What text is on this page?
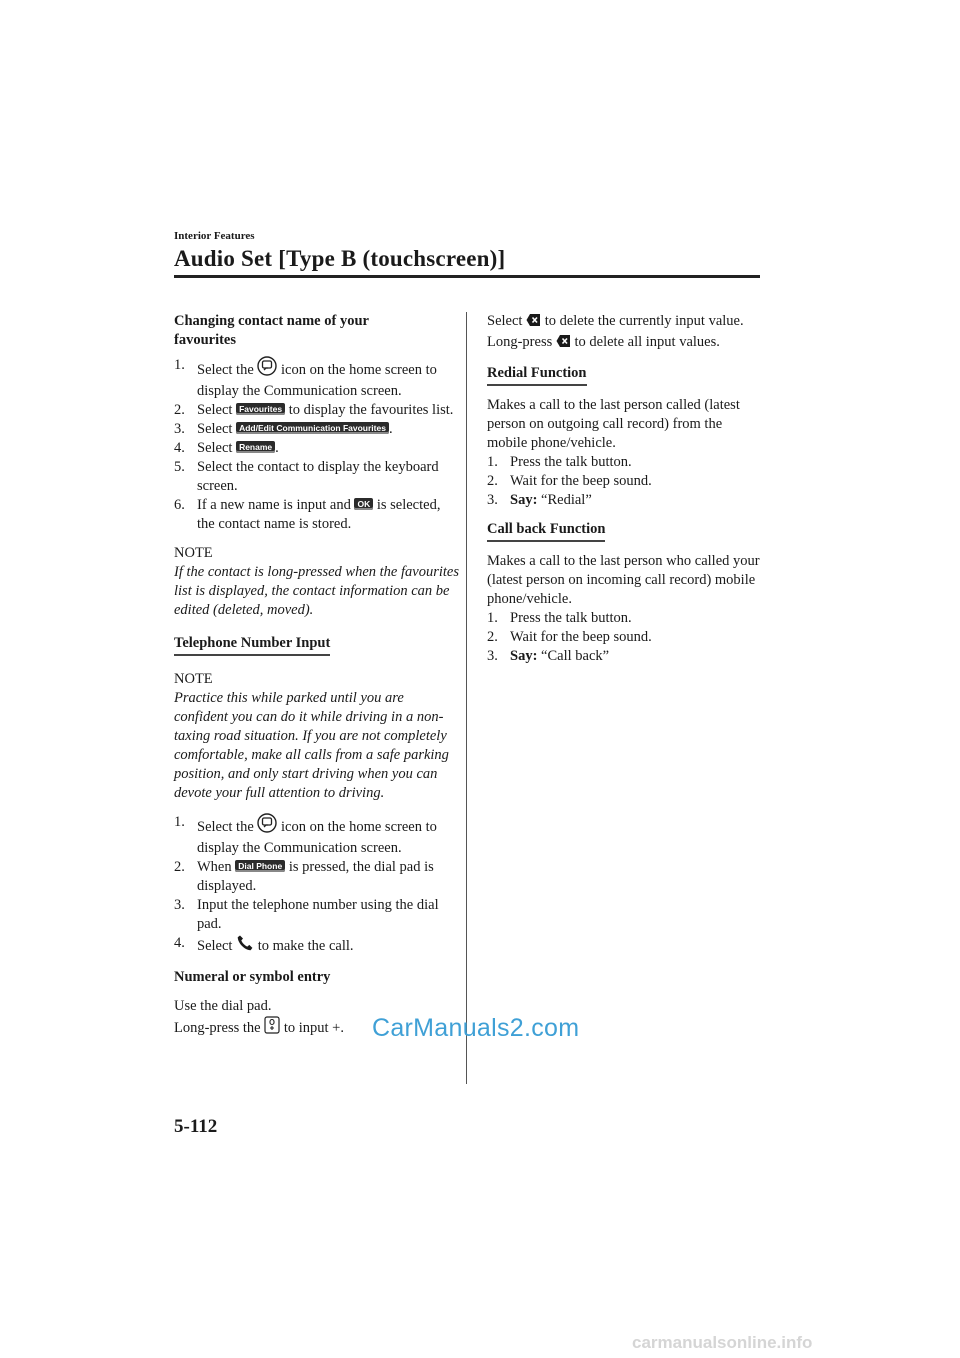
Interior Features
Audio Set [Type B (touchscreen)]
Changing contact name of your favourites
1. Select the icon on the home screen to display the Communication screen.
2. Select Favourites to display the favourites list.
3. Select Add/Edit Communication Favourites .
4. Select Rename .
5. Select the contact to display the keyboard screen.
6. If a new name is input and OK is selected, the contact name is stored.
NOTE

If the contact is long-pressed when the favourites list is displayed, the contact information can be edited (deleted, moved).

Telephone Number Input
NOTE

Practice this while parked until you are confident you can do it while driving in a non-taxing road situation. If you are not completely comfortable, make all calls from a safe parking position, and only start driving when you can devote your full attention to driving.

1. Select the icon on the home screen to display the Communication screen.
2. When Dial Phone is pressed, the dial pad is displayed.
3. Input the telephone number using the dial pad.
4. Select to make the call.
Numeral or symbol entry
Use the dial pad.
Long-press the to input +.
Select to delete the currently input value.
Long-press to delete all input values.
Redial Function
Makes a call to the last person called (latest person on outgoing call record) from the mobile phone/vehicle.
1. Press the talk button.
2. Wait for the beep sound.
3. Say: “Redial”
Call back Function
Makes a call to the last person who called your (latest person on incoming call record) mobile phone/vehicle.
1. Press the talk button.
2. Wait for the beep sound.
3. Say: “Call back”
CarManuals2.com
5-112
carmanualsonline.info
